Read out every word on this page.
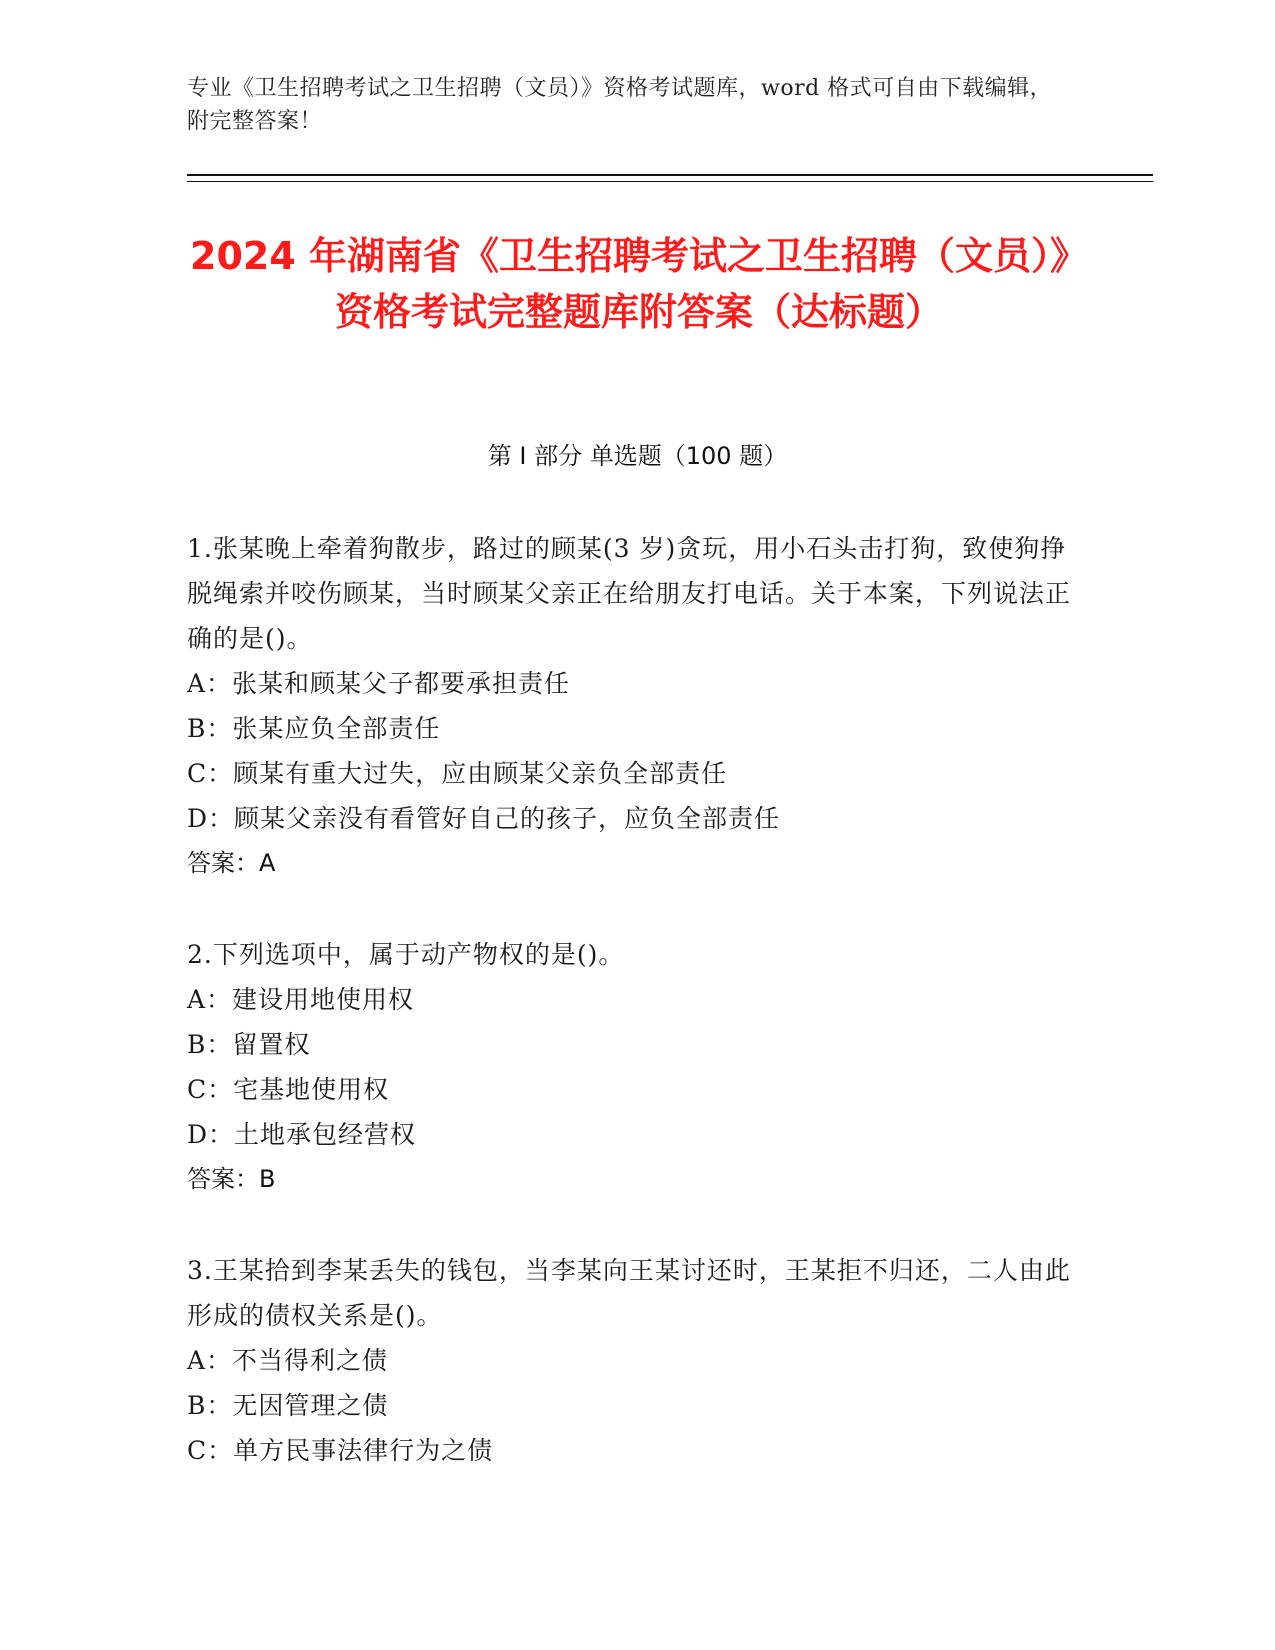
专业《卫生招聘考试之卫生招聘（文员）》资格考试题库，word 格式可自由下载编辑，附完整答案！
2024 年湖南省《卫生招聘考试之卫生招聘（文员）》资格考试完整题库附答案（达标题）
第 I 部分 单选题（100 题）
1.张某晚上牵着狗散步，路过的顾某(3 岁)贪玩，用小石头击打狗，致使狗挣脱绳索并咬伤顾某，当时顾某父亲正在给朋友打电话。关于本案，下列说法正确的是()。
A：张某和顾某父子都要承担责任
B：张某应负全部责任
C：顾某有重大过失，应由顾某父亲负全部责任
D：顾某父亲没有看管好自己的孩子，应负全部责任
答案：A
2.下列选项中，属于动产物权的是()。
A：建设用地使用权
B：留置权
C：宅基地使用权
D：土地承包经营权
答案：B
3.王某拾到李某丢失的钱包，当李某向王某讨还时，王某拒不归还，二人由此形成的债权关系是()。
A：不当得利之债
B：无因管理之债
C：单方民事法律行为之债
